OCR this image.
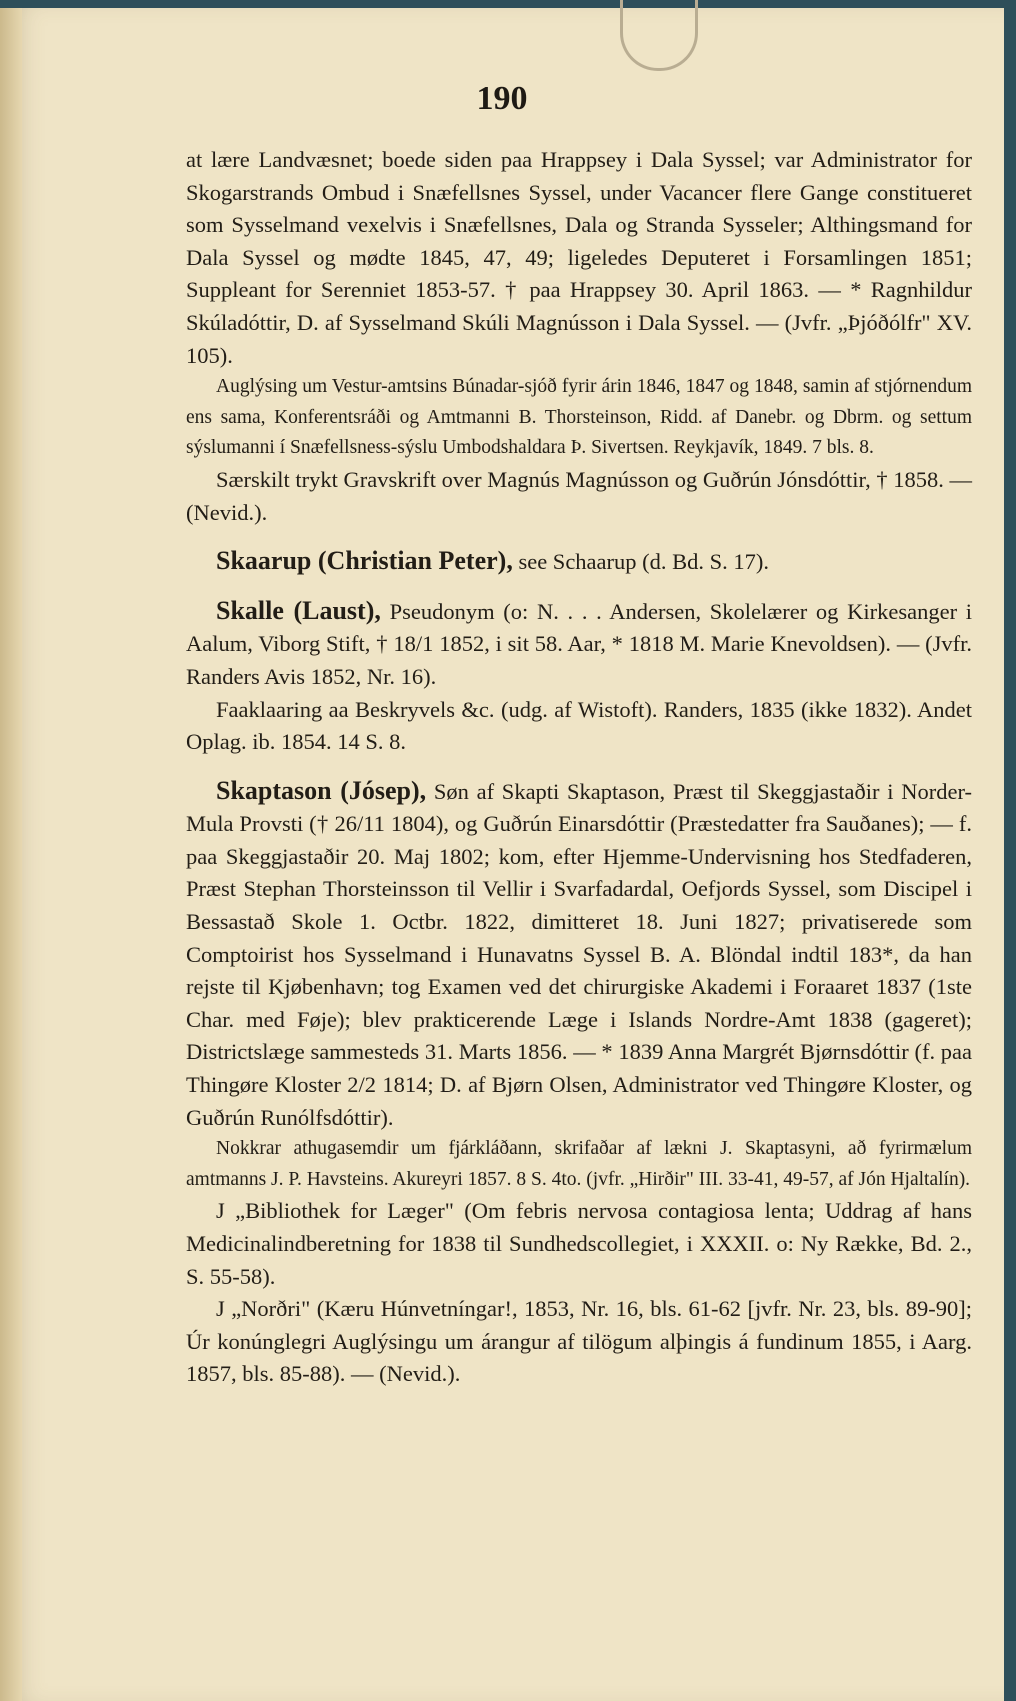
190

at lære Landvæsnet; boede siden paa Hrappsey i Dala Syssel; var Administrator for Skogarstrands Ombud i Snæfellsnes Syssel, under Vacancer flere Gange constitueret som Sysselmand vexelvis i Snæfellsnes, Dala og Stranda Sysseler; Althingsmand for Dala Syssel og mødte 1845, 47, 49; ligeledes Deputeret i Forsamlingen 1851; Suppleant for Serenniet 1853-57. † paa Hrappsey 30. April 1863. — * Ragnhildur Skúladóttir, D. af Sysselmand Skúli Magnússon i Dala Syssel. — (Jvfr. „Þjóðólfr" XV. 105).

Auglýsing um Vestur-amtsins Búnadar-sjóð fyrir árin 1846, 1847 og 1848, samin af stjórnendum ens sama, Konferentsráði og Amtmanni B. Thorsteinson, Ridd. af Danebr. og Dbrm. og settum sýslumanni í Snæfellsness-sýslu Umbodshaldara Þ. Sivertsen. Reykjavík, 1849. 7 bls. 8.

Særskilt trykt Gravskrift over Magnús Magnússon og Guðrún Jónsdóttir, † 1858. — (Nevid.).

Skaarup (Christian Peter), see Schaarup (d. Bd. S. 17).

Skalle (Laust), Pseudonym (o: N. . . . Andersen, Skolelærer og Kirkesanger i Aalum, Viborg Stift, † 18/1 1852, i sit 58. Aar, * 1818 M. Marie Knevoldsen). — (Jvfr. Randers Avis 1852, Nr. 16).

Faaklaaring aa Beskryvels &c. (udg. af Wistoft). Randers, 1835 (ikke 1832). Andet Oplag. ib. 1854. 14 S. 8.

Skaptason (Jósep), Søn af Skapti Skaptason, Præst til Skeggjastaðir i Norder-Mula Provsti († 26/11 1804), og Guðrún Einarsdóttir (Præstedatter fra Sauðanes); — f. paa Skeggjastaðir 20. Maj 1802; kom, efter Hjemme-Undervisning hos Stedfaderen, Præst Stephan Thorsteinsson til Vellir i Svarfadardal, Oefjords Syssel, som Discipel i Bessastað Skole 1. Octbr. 1822, dimitteret 18. Juni 1827; privatiserede som Comptoirist hos Sysselmand i Hunavatns Syssel B. A. Blöndal indtil 183*, da han rejste til Kjøbenhavn; tog Examen ved det chirurgiske Akademi i Foraaret 1837 (1ste Char. med Føje); blev prakticerende Læge i Islands Nordre-Amt 1838 (gageret); Districtslæge sammesteds 31. Marts 1856. — * 1839 Anna Margrét Bjørnsdóttir (f. paa Thingøre Kloster 2/2 1814; D. af Bjørn Olsen, Administrator ved Thingøre Kloster, og Guðrún Runólfsdóttir).

Nokkrar athugasemdir um fjárkláðann, skrifaðar af lækni J. Skaptasyni, að fyrirmælum amtmanns J. P. Havsteins. Akureyri 1857. 8 S. 4to. (jvfr. „Hirðir" III. 33-41, 49-57, af Jón Hjaltalín).

J „Bibliothek for Læger" (Om febris nervosa contagiosa lenta; Uddrag af hans Medicinalindberetning for 1838 til Sundhedscollegiet, i XXXII. o: Ny Række, Bd. 2., S. 55-58).

J „Norðri" (Kæru Húnvetníngar!, 1853, Nr. 16, bls. 61-62 [jvfr. Nr. 23, bls. 89-90]; Úr konúnglegri Auglýsingu um árangur af tilögum alþingis á fundinum 1855, i Aarg. 1857, bls. 85-88). — (Nevid.).
